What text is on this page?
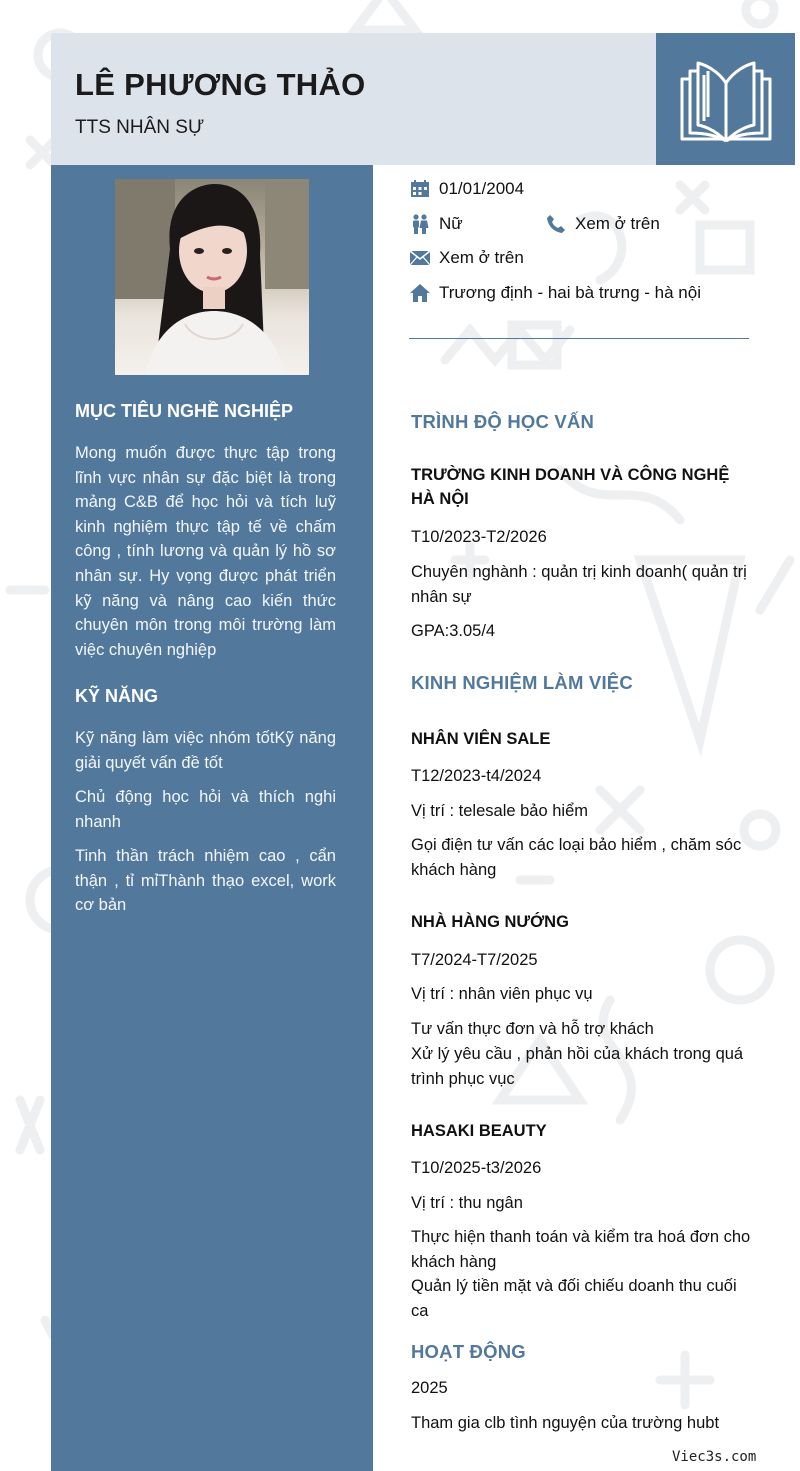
LÊ PHƯƠNG THẢO
TTS NHÂN SỰ
MỤC TIÊU NGHỀ NGHIỆP

Mong muốn được thực tập trong lĩnh vực nhân sự đặc biệt là trong mảng C&B để học hỏi và tích luỹ kinh nghiệm thực tập tế về chấm công , tính lương và quản lý hồ sơ nhân sự. Hy vọng được phát triển kỹ năng và nâng cao kiến thức chuyên môn trong môi trường làm việc chuyên nghiệp

KỸ NĂNG

Kỹ năng làm việc nhóm tốtKỹ năng giải quyết vấn đề tốt

Chủ động học hỏi và thích nghi nhanh

Tinh thần trách nhiệm cao , cẩn thận , tỉ mỉThành thạo excel, work cơ bản

01/01/2004
Nữ	Xem ở trên
Xem ở trên
Trương định - hai bà trưng - hà nội
TRÌNH ĐỘ HỌC VẤN
TRƯỜNG KINH DOANH VÀ CÔNG NGHỆ HÀ NỘI

T10/2023-T2/2026

Chuyên nghành : quản trị kinh doanh( quản trị nhân sự

GPA:3.05/4

KINH NGHIỆM LÀM VIỆC
NHÂN VIÊN SALE

T12/2023-t4/2024

Vị trí : telesale bảo hiểm

Gọi điện tư vấn các loại bảo hiểm , chăm sóc khách hàng

NHÀ HÀNG NƯỚNG

T7/2024-T7/2025

Vị trí : nhân viên phục vụ

Tư vấn thực đơn và hỗ trợ khách

Xử lý yêu cầu , phản hồi của khách trong quá trình phục vục

HASAKI BEAUTY

T10/2025-t3/2026

Vị trí : thu ngân

Thực hiện thanh toán và kiểm tra hoá đơn cho khách hàng

Quản lý tiền mặt và đối chiếu doanh thu cuối ca

HOẠT ĐỘNG

2025

Tham gia clb tình nguyện của trường hubt

Viec3s.com
